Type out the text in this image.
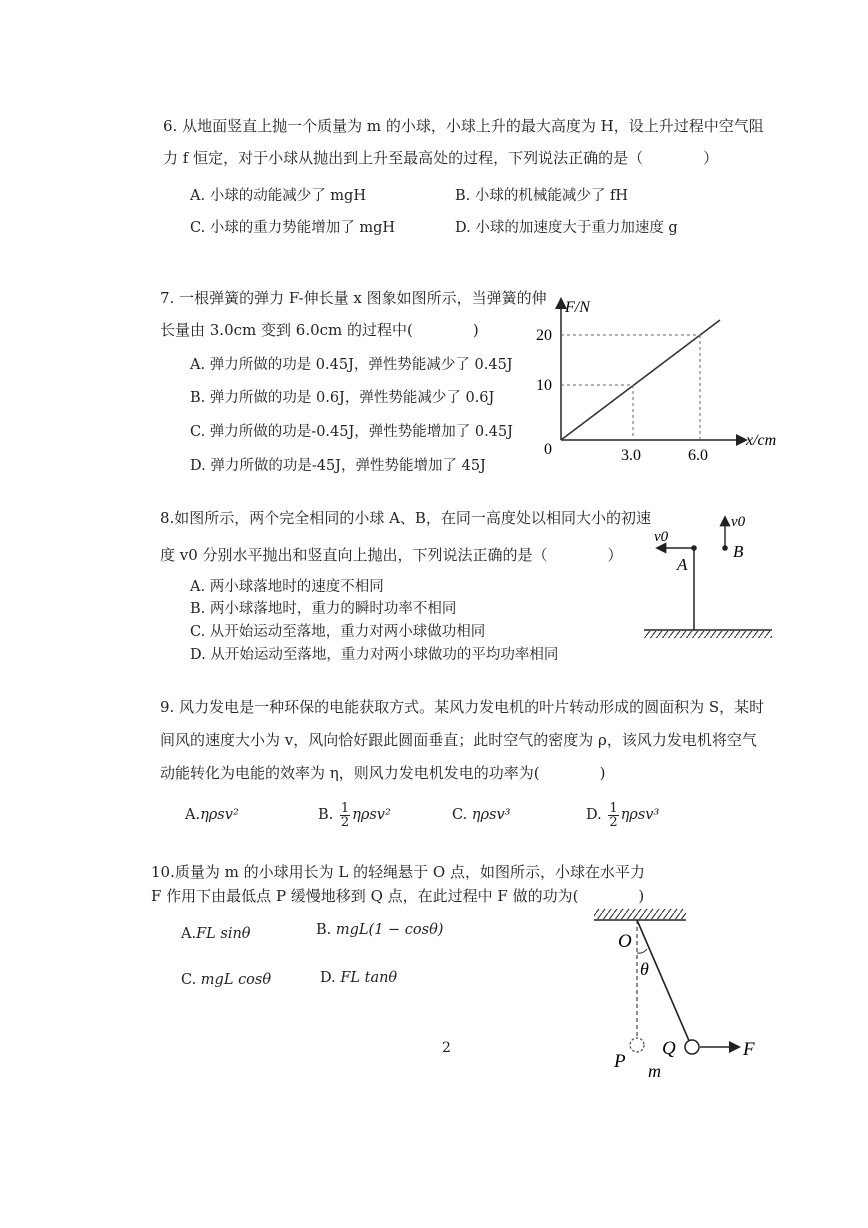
6. 从地面竖直上抛一个质量为 m 的小球，小球上升的最大高度为 H，设上升过程中空气阻
力 f 恒定，对于小球从抛出到上升至最高处的过程，下列说法正确的是（　　　　）
A. 小球的动能减少了 mgH	B. 小球的机械能减少了 fH
C. 小球的重力势能增加了 mgH	D. 小球的加速度大于重力加速度 g
7. 一根弹簧的弹力 F-伸长量 x 图象如图所示，当弹簧的伸
长量由 3.0cm 变到 6.0cm 的过程中(　　　　)
A. 弹力所做的功是 0.45J，弹性势能减少了 0.45J
B. 弹力所做的功是 0.6J，弹性势能减少了 0.6J
C. 弹力所做的功是-0.45J，弹性势能增加了 0.45J
D. 弹力所做的功是-45J，弹性势能增加了 45J
F/N
x/cm
0
10
20
3.0	6.0
8.如图所示，两个完全相同的小球 A、B，在同一高度处以相同大小的初速
度 v0 分别水平抛出和竖直向上抛出，下列说法正确的是（　　　　）
A. 两小球落地时的速度不相同
B. 两小球落地时，重力的瞬时功率不相同
C. 从开始运动至落地，重力对两小球做功相同
D. 从开始运动至落地，重力对两小球做功的平均功率相同
v0
v0
A
B
9. 风力发电是一种环保的电能获取方式。某风力发电机的叶片转动形成的圆面积为 S，某时
间风的速度大小为 v，风向恰好跟此圆面垂直；此时空气的密度为 ρ，该风力发电机将空气
动能转化为电能的效率为 η，则风力发电机发电的功率为(　　　　)
A.ηρsv²	B. $\frac{1}{2} \eta\rho sv^2$	C. ηρsv³	D. $\frac{1}{2} \eta\rho sv^3$
10.质量为 m 的小球用长为 L 的轻绳悬于 O 点，如图所示，小球在水平力
F 作用下由最低点 P 缓慢地移到 Q 点，在此过程中 F 做的功为(　　　　)
A.FL sinθ	B. mgL(1 − cosθ)
C. mgL cosθ	D. FL tanθ
O
θ
P
Q
m
F
2
